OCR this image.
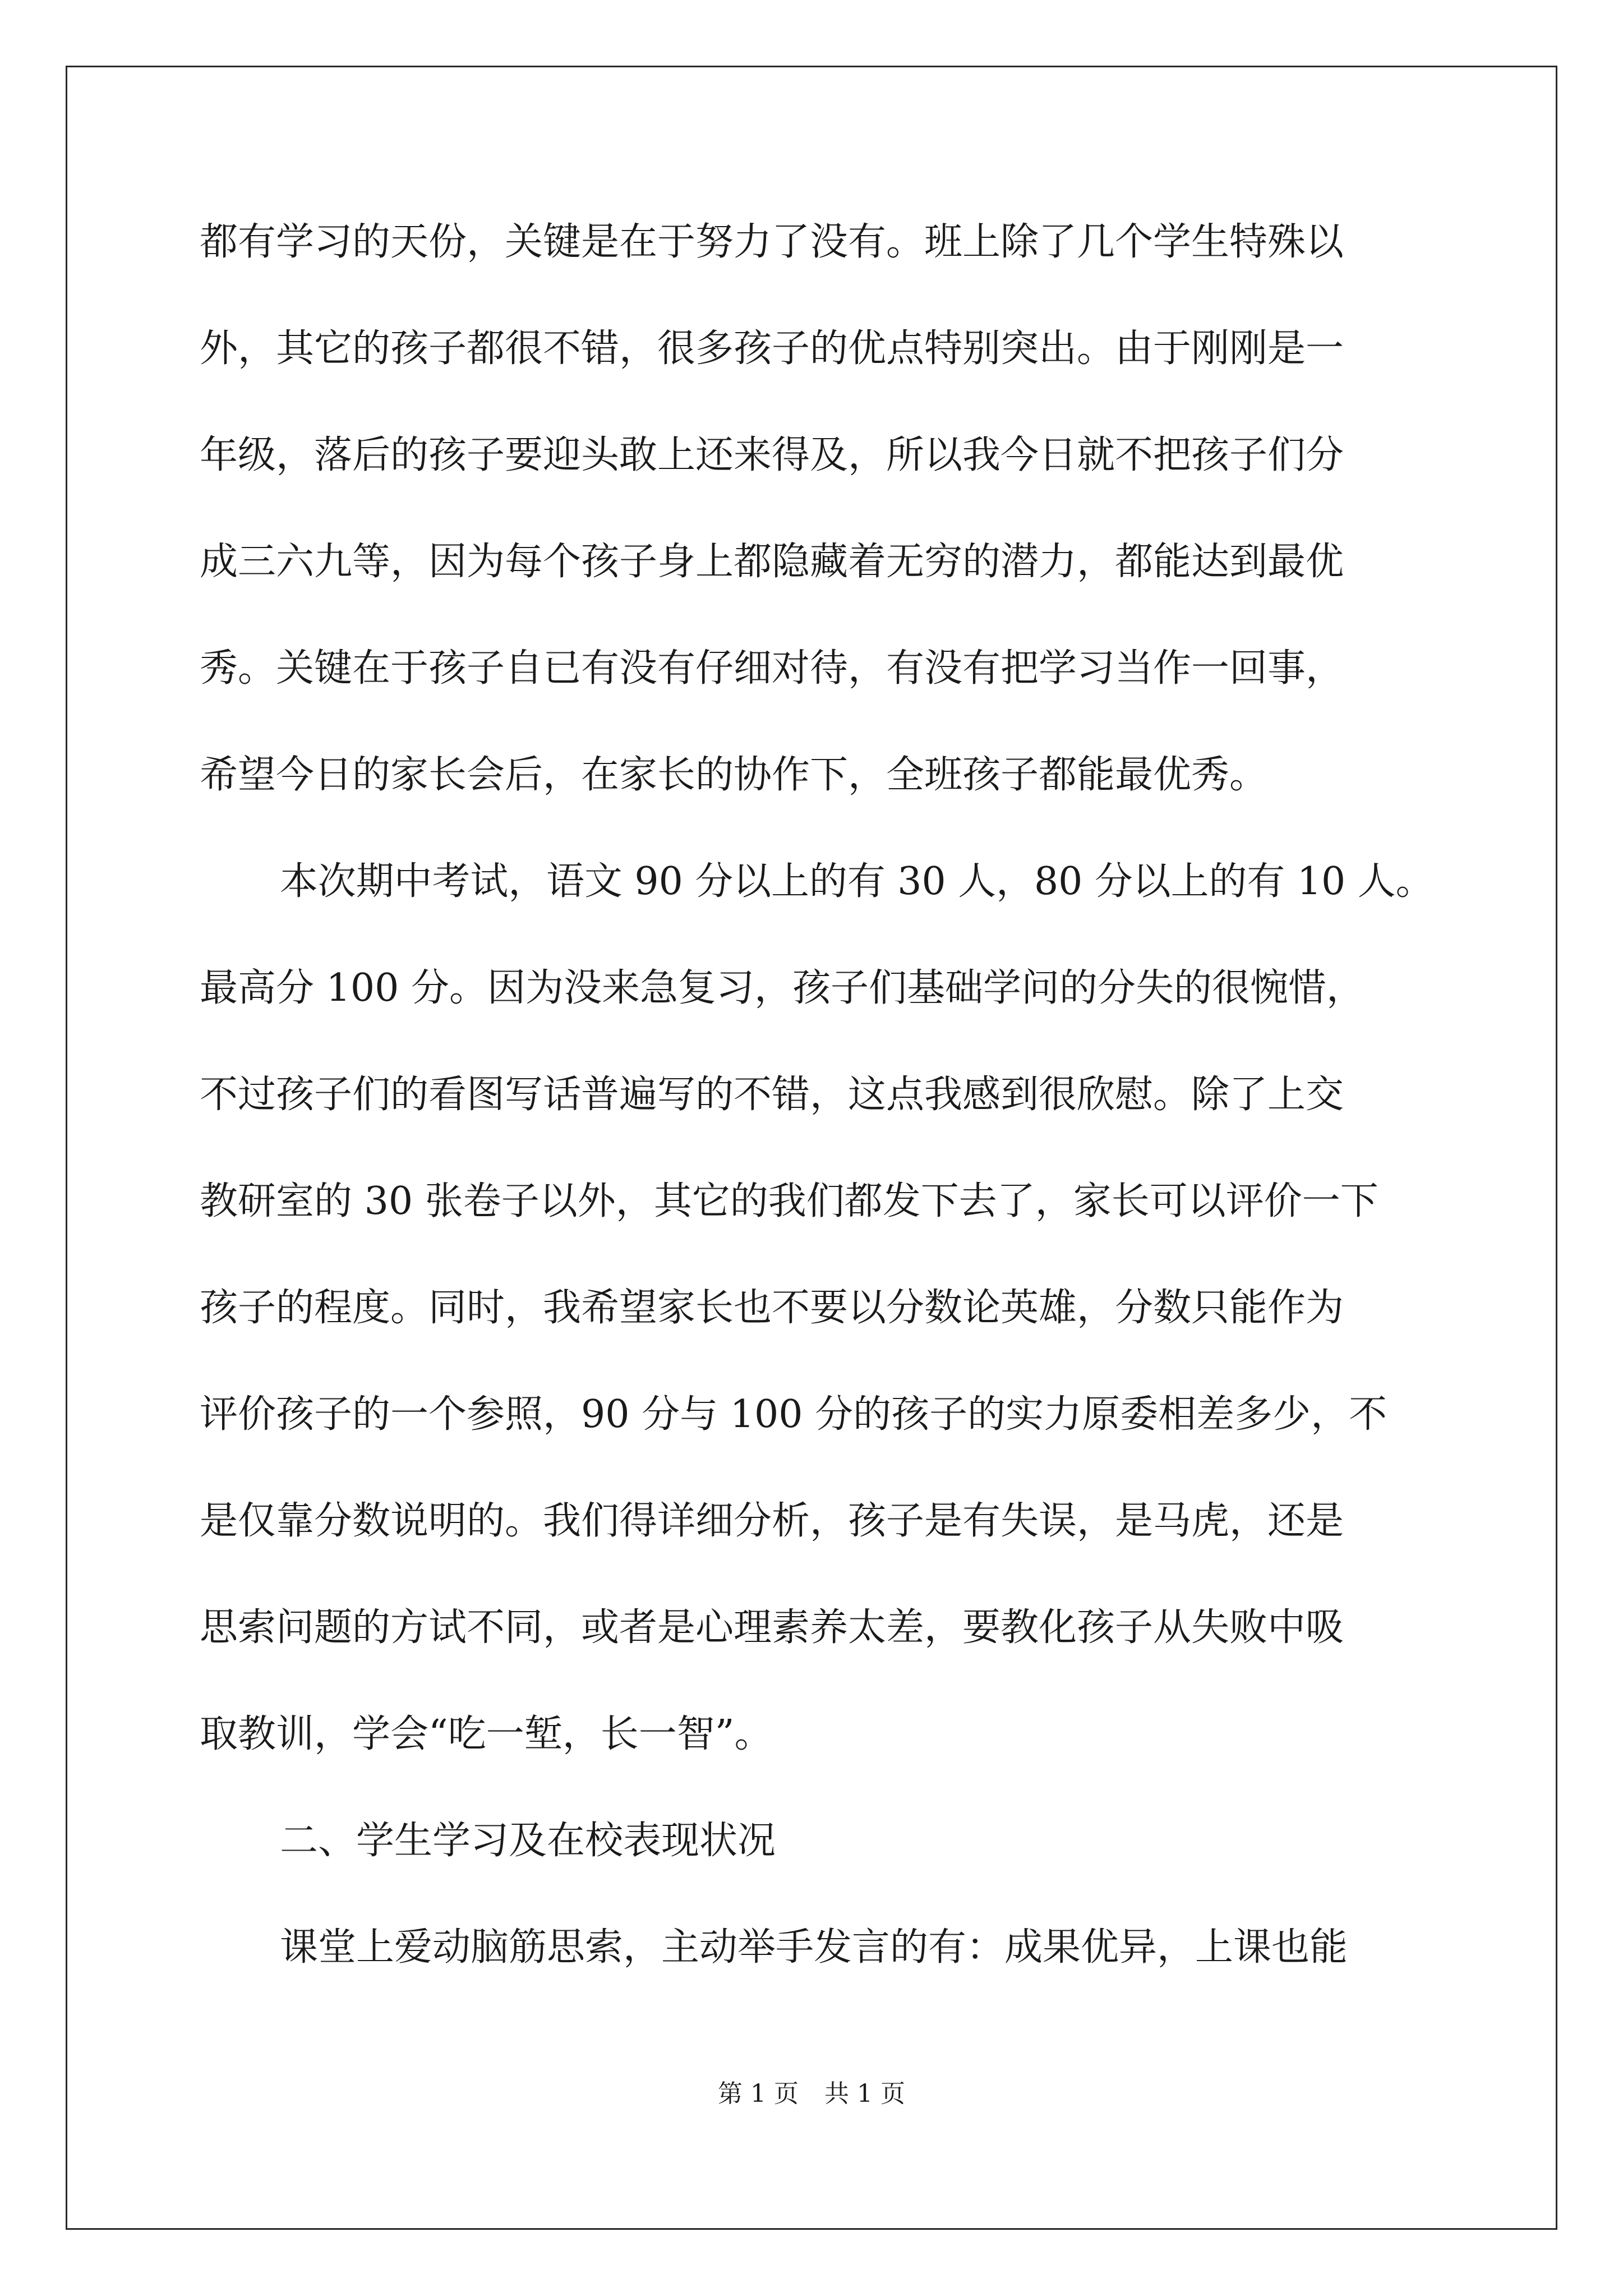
都有学习的天份，关键是在于努力了没有。班上除了几个学生特殊以
外，其它的孩子都很不错，很多孩子的优点特别突出。由于刚刚是一
年级，落后的孩子要迎头敢上还来得及，所以我今日就不把孩子们分
成三六九等，因为每个孩子身上都隐藏着无穷的潜力，都能达到最优
秀。关键在于孩子自已有没有仔细对待，有没有把学习当作一回事，
希望今日的家长会后，在家长的协作下，全班孩子都能最优秀。
本次期中考试，语文 90 分以上的有 30 人，80 分以上的有 10 人。
最高分 100 分。因为没来急复习，孩子们基础学问的分失的很惋惜，
不过孩子们的看图写话普遍写的不错，这点我感到很欣慰。除了上交
教研室的 30 张卷子以外，其它的我们都发下去了，家长可以评价一下
孩子的程度。同时，我希望家长也不要以分数论英雄，分数只能作为
评价孩子的一个参照，90 分与 100 分的孩子的实力原委相差多少，不
是仅靠分数说明的。我们得详细分析，孩子是有失误，是马虎，还是
思索问题的方试不同，或者是心理素养太差，要教化孩子从失败中吸
取教训，学会“吃一堑，长一智”。
二、学生学习及在校表现状况
课堂上爱动脑筋思索，主动举手发言的有：成果优异，上课也能
第 1 页 共 1 页
